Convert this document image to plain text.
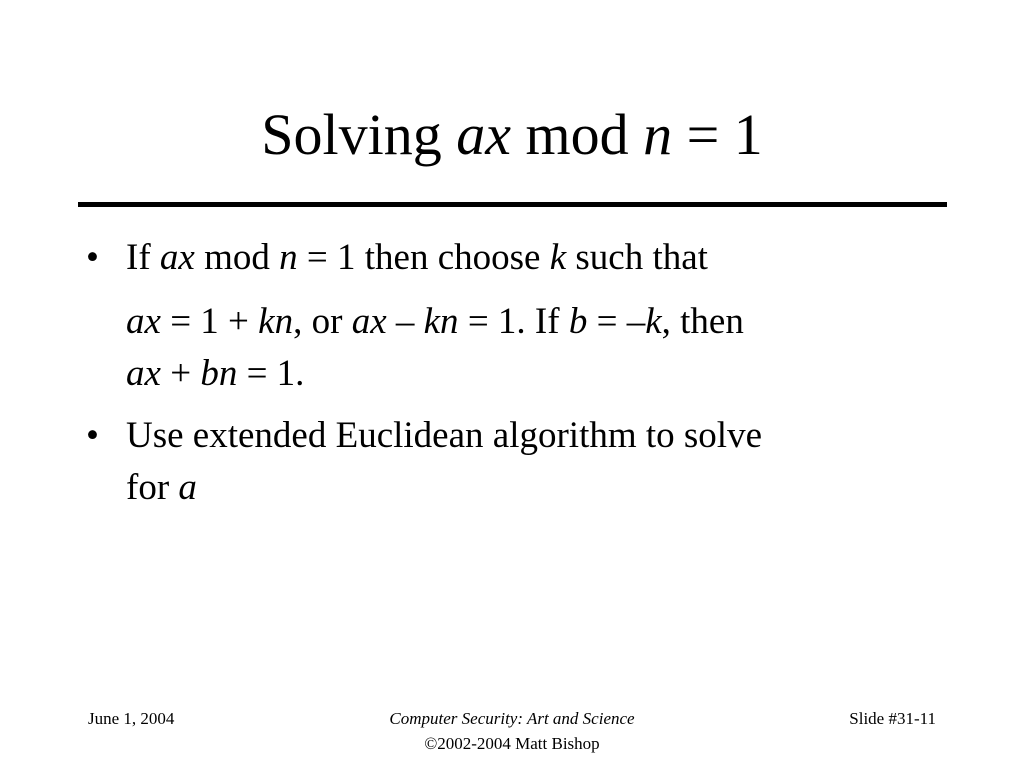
Solving ax mod n = 1
• If ax mod n = 1 then choose k such that
ax = 1 + kn, or ax – kn = 1. If b = –k, then
ax + bn = 1.
• Use extended Euclidean algorithm to solve
for a
June 1, 2004	Computer Security: Art and Science
©2002-2004 Matt Bishop
Slide #31-11
